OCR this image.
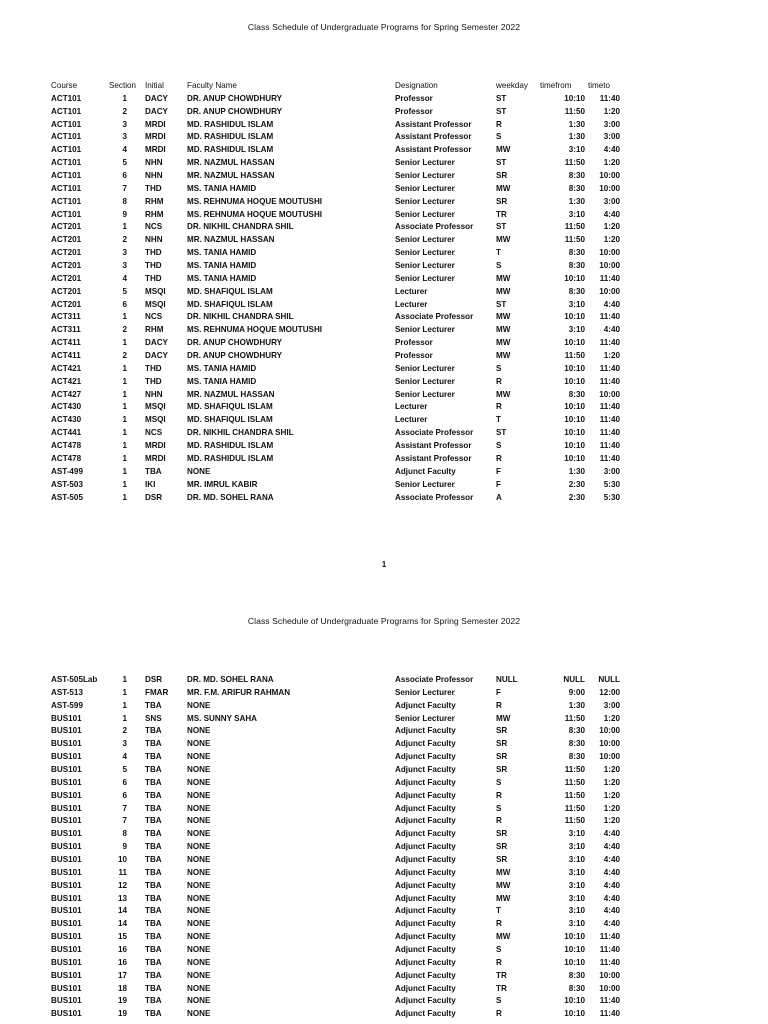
Class Schedule of Undergraduate Programs for Spring Semester 2022
Course	Section Initial	Faculty Name	Designation	weekday timefrom timeto
ACT101	1 DACY DR. ANUP CHOWDHURY	Professor	ST	10:10	11:40
ACT101	2 DACY DR. ANUP CHOWDHURY	Professor	ST	11:50	1:20
ACT101	3 MRDI	MD. RASHIDUL ISLAM	Assistant Professor	R	1:30	3:00
ACT101	3 MRDI	MD. RASHIDUL ISLAM	Assistant Professor	S	1:30	3:00
ACT101	4 MRDI	MD. RASHIDUL ISLAM	Assistant Professor	MW	3:10	4:40
ACT101	5 NHN	MR. NAZMUL HASSAN	Senior Lecturer	ST	11:50	1:20
ACT101	6 NHN	MR. NAZMUL HASSAN	Senior Lecturer	SR	8:30	10:00
ACT101	7 THD	MS. TANIA HAMID	Senior Lecturer	MW	8:30	10:00
ACT101	8 RHM	MS. REHNUMA HOQUE MOUTUSHI	Senior Lecturer	SR	1:30	3:00
ACT101	9 RHM	MS. REHNUMA HOQUE MOUTUSHI	Senior Lecturer	TR	3:10	4:40
ACT201	1 NCS	DR. NIKHIL CHANDRA SHIL	Associate Professor	ST	11:50	1:20
ACT201	2 NHN	MR. NAZMUL HASSAN	Senior Lecturer	MW	11:50	1:20
ACT201	3 THD	MS. TANIA HAMID	Senior Lecturer	T	8:30	10:00
ACT201	3 THD	MS. TANIA HAMID	Senior Lecturer	S	8:30	10:00
ACT201	4 THD	MS. TANIA HAMID	Senior Lecturer	MW	10:10	11:40
ACT201	5 MSQI	MD. SHAFIQUL ISLAM	Lecturer	MW	8:30	10:00
ACT201	6 MSQI	MD. SHAFIQUL ISLAM	Lecturer	ST	3:10	4:40
ACT311	1 NCS	DR. NIKHIL CHANDRA SHIL	Associate Professor	MW	10:10	11:40
ACT311	2 RHM	MS. REHNUMA HOQUE MOUTUSHI	Senior Lecturer	MW	3:10	4:40
ACT411	1 DACY DR. ANUP CHOWDHURY	Professor	MW	10:10	11:40
ACT411	2 DACY DR. ANUP CHOWDHURY	Professor	MW	11:50	1:20
ACT421	1 THD	MS. TANIA HAMID	Senior Lecturer	S	10:10	11:40
ACT421	1 THD	MS. TANIA HAMID	Senior Lecturer	R	10:10	11:40
ACT427	1 NHN	MR. NAZMUL HASSAN	Senior Lecturer	MW	8:30	10:00
ACT430	1 MSQI	MD. SHAFIQUL ISLAM	Lecturer	R	10:10	11:40
ACT430	1 MSQI	MD. SHAFIQUL ISLAM	Lecturer	T	10:10	11:40
ACT441	1 NCS	DR. NIKHIL CHANDRA SHIL	Associate Professor	ST	10:10	11:40
ACT478	1 MRDI	MD. RASHIDUL ISLAM	Assistant Professor	S	10:10	11:40
ACT478	1 MRDI	MD. RASHIDUL ISLAM	Assistant Professor	R	10:10	11:40
AST-499	1 TBA	NONE	Adjunct Faculty	F	1:30	3:00
AST-503	1 IKI	MR. IMRUL KABIR	Senior Lecturer	F	2:30	5:30
AST-505	1 DSR	DR. MD. SOHEL RANA	Associate Professor	A	2:30	5:30
1
Class Schedule of Undergraduate Programs for Spring Semester 2022
AST-505Lab	1 DSR	DR. MD. SOHEL RANA	Associate Professor	NULL	NULL	NULL
AST-513	1 FMAR MR. F.M. ARIFUR RAHMAN	Senior Lecturer	F	9:00	12:00
AST-599	1 TBA	NONE	Adjunct Faculty	R	1:30	3:00
BUS101	1 SNS	MS. SUNNY SAHA	Senior Lecturer	MW	11:50	1:20
BUS101	2 TBA	NONE	Adjunct Faculty	SR	8:30	10:00
BUS101	3 TBA	NONE	Adjunct Faculty	SR	8:30	10:00
BUS101	4 TBA	NONE	Adjunct Faculty	SR	8:30	10:00
BUS101	5 TBA	NONE	Adjunct Faculty	SR	11:50	1:20
BUS101	6 TBA	NONE	Adjunct Faculty	S	11:50	1:20
BUS101	6 TBA	NONE	Adjunct Faculty	R	11:50	1:20
BUS101	7 TBA	NONE	Adjunct Faculty	S	11:50	1:20
BUS101	7 TBA	NONE	Adjunct Faculty	R	11:50	1:20
BUS101	8 TBA	NONE	Adjunct Faculty	SR	3:10	4:40
BUS101	9 TBA	NONE	Adjunct Faculty	SR	3:10	4:40
BUS101	10 TBA	NONE	Adjunct Faculty	SR	3:10	4:40
BUS101	11 TBA	NONE	Adjunct Faculty	MW	3:10	4:40
BUS101	12 TBA	NONE	Adjunct Faculty	MW	3:10	4:40
BUS101	13 TBA	NONE	Adjunct Faculty	MW	3:10	4:40
BUS101	14 TBA	NONE	Adjunct Faculty	T	3:10	4:40
BUS101	14 TBA	NONE	Adjunct Faculty	R	3:10	4:40
BUS101	15 TBA	NONE	Adjunct Faculty	MW	10:10	11:40
BUS101	16 TBA	NONE	Adjunct Faculty	S	10:10	11:40
BUS101	16 TBA	NONE	Adjunct Faculty	R	10:10	11:40
BUS101	17 TBA	NONE	Adjunct Faculty	TR	8:30	10:00
BUS101	18 TBA	NONE	Adjunct Faculty	TR	8:30	10:00
BUS101	19 TBA	NONE	Adjunct Faculty	S	10:10	11:40
BUS101	19 TBA	NONE	Adjunct Faculty	R	10:10	11:40
